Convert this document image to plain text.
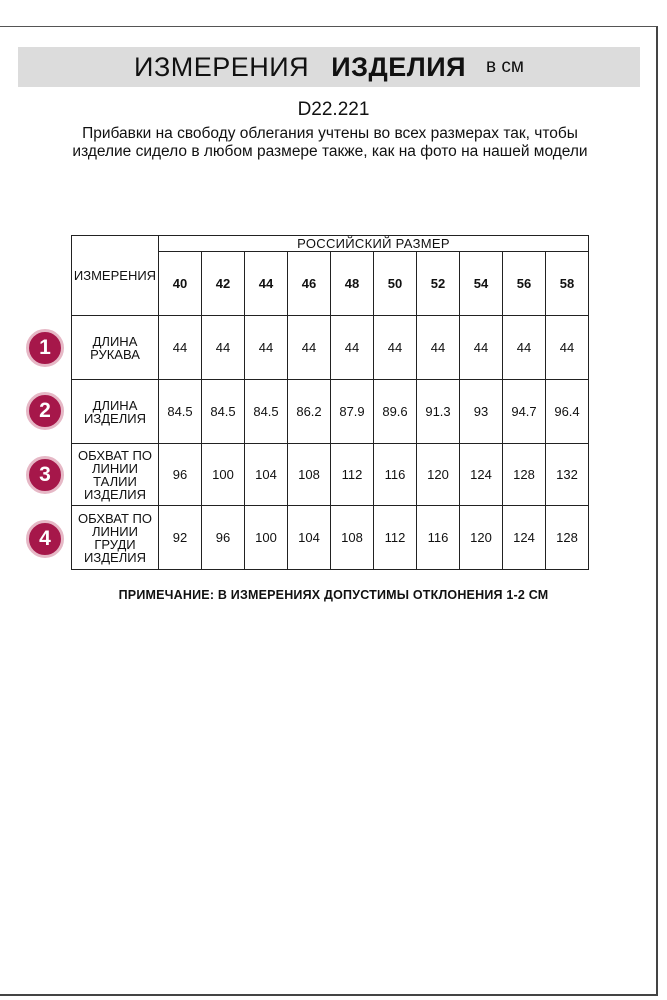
ИЗМЕРЕНИЯ ИЗДЕЛИЯ в см
D22.221
Прибавки на свободу облегания учтены во всех размерах так, чтобы изделие сидело в любом размере также, как на фото на нашей модели
ИЗМЕРЕНИЯ	РОССИЙСКИЙ РАЗМЕР									
	40	42	44	46	48	50	52	54	56	58

ДЛИНА
РУКАВА	44	44	44	44	44	44	44	44	44	44

ДЛИНА
ИЗДЕЛИЯ	84.5	84.5	84.5	86.2	87.9	89.6	91.3	93	94.7	96.4

ОБХВАТ ПО
ЛИНИИ
ТАЛИИ
ИЗДЕЛИЯ	96	100	104	108	112	116	120	124	128	132

ОБХВАТ ПО
ЛИНИИ
ГРУДИ
ИЗДЕЛИЯ	92	96	100	104	108	112	116	120	124	128
1
2
3
4
ПРИМЕЧАНИЕ: В ИЗМЕРЕНИЯХ ДОПУСТИМЫ ОТКЛОНЕНИЯ 1-2 СМ
